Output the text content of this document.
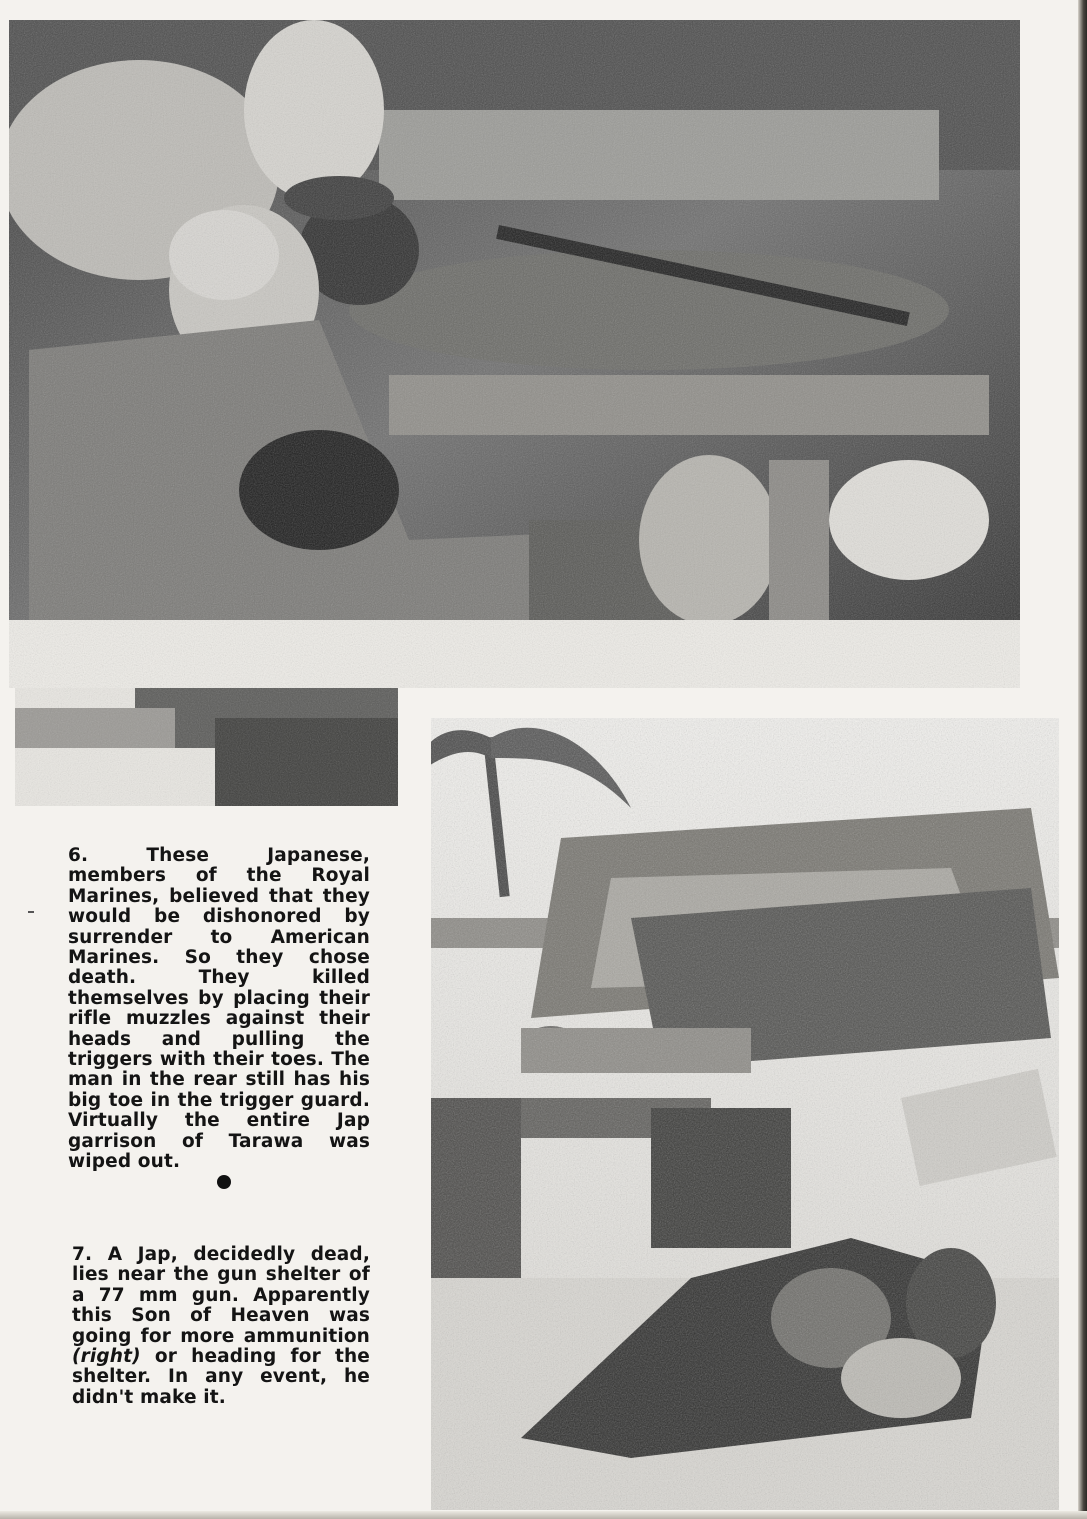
6.	These Japanese, members of the Royal Marines, believed that they would be dishonored by surrender to American Marines. So they chose death. They killed themselves by placing their rifle muzzles against their heads and pulling the triggers with their toes. The man in the rear still has his big toe in the trigger guard. Virtually the entire Jap garrison of Tarawa was wiped out.
7. A Jap, decidedly dead, lies near the gun shelter of a 77 mm gun. Apparently this Son of Heaven was going for more ammunition (right) or heading for the shelter. In any event, he didn't make it.
